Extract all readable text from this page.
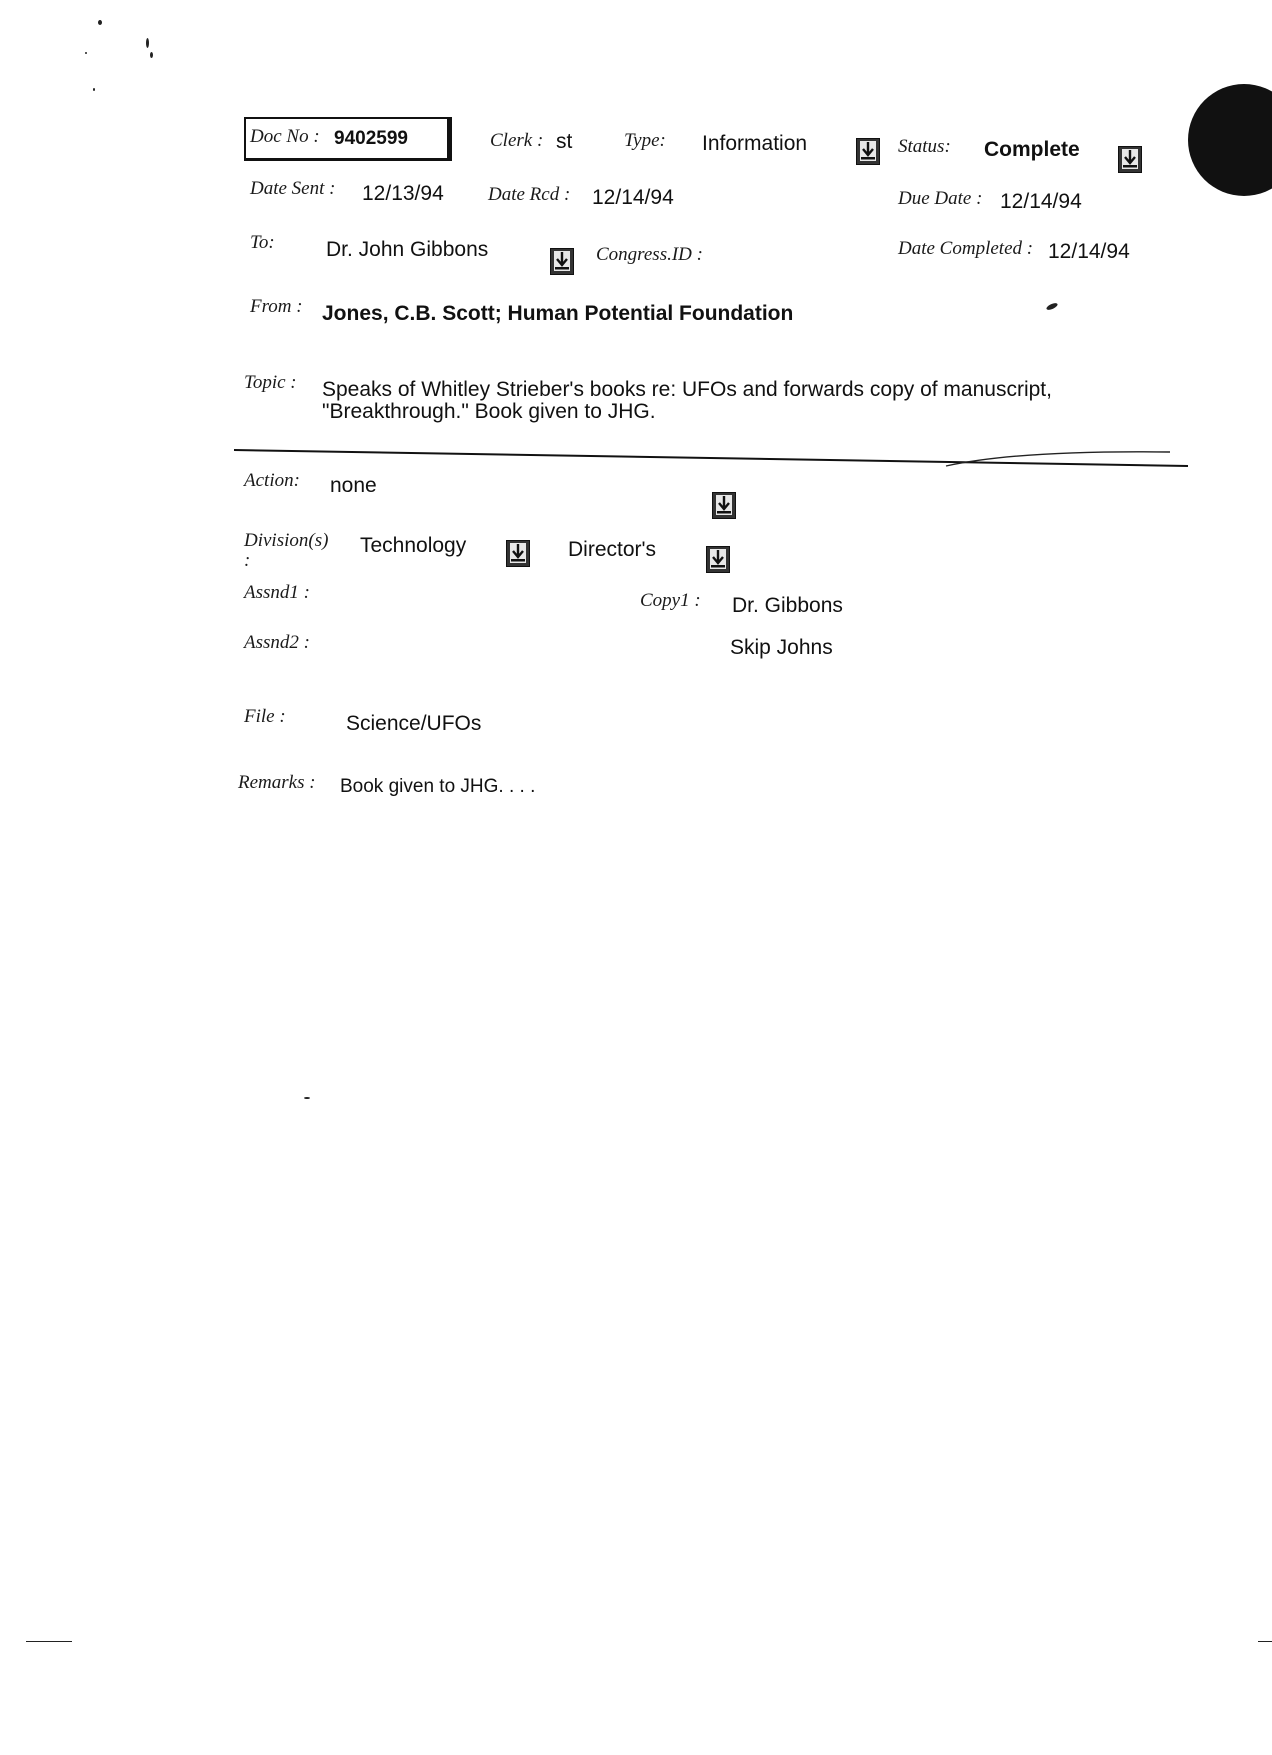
Doc No : 9402599	Clerk : st	Type: Information	Status: Complete
Date Sent : 12/13/94 Date Rcd : 12/14/94	Due Date : 12/14/94
To: Dr. John Gibbons	Congress.ID :	Date Completed : 12/14/94
From : Jones, C.B. Scott; Human Potential Foundation
Topic : Speaks of Whitley Strieber's books re: UFOs and forwards copy of manuscript,
"Breakthrough." Book given to JHG.
Action: none
Division(s)
:
Technology	Director's
Assnd1 :
Assnd2 :
Copy1 : Dr. Gibbons
Skip Johns
File :	Science/UFOs
Remarks : Book given to JHG. . . .
